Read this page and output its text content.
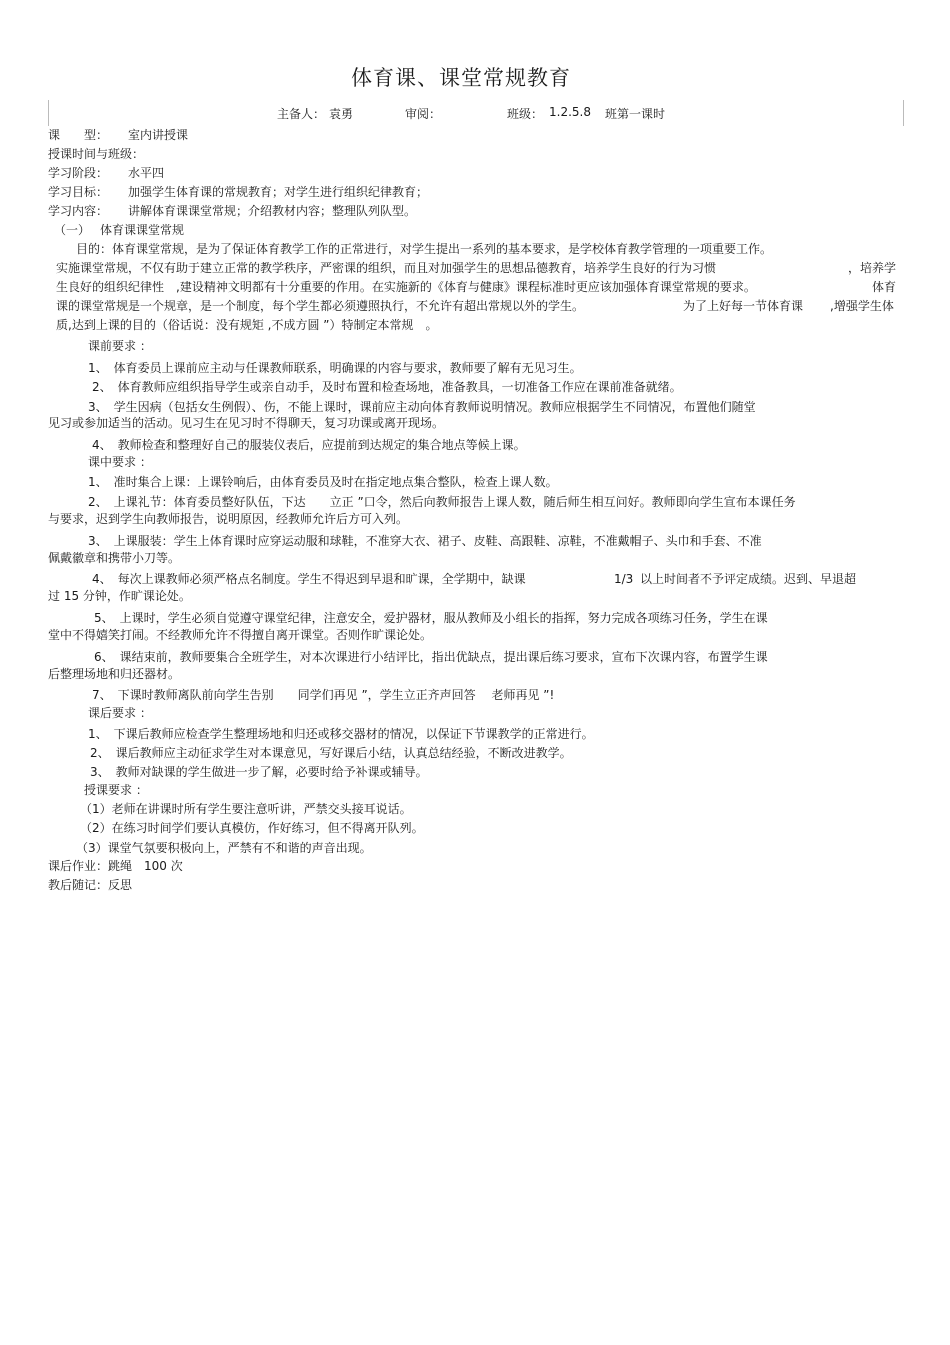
体育课、课堂常规教育
主备人： 袁勇	审阅：	班级： 1.2.5.8 班第一课时
课　　型： 室内讲授课
授课时间与班级：
学习阶段： 水平四
学习目标： 加强学生体育课的常规教育；对学生进行组织纪律教育；
学习内容： 讲解体育课课堂常规；介绍教材内容；整理队列队型。
（一） 体育课课堂常规
目的：体育课堂常规，是为了保证体育教学工作的正常进行，对学生提出一系列的基本要求，是学校体育教学管理的一项重要工作。
实施课堂常规，不仅有助于建立正常的教学秩序，严密课的组织，而且对加强学生的思想品德教育，培养学生良好的行为习惯	，培养学
生良好的组织纪律性　,建设精神文明都有十分重要的作用。在实施新的《体育与健康》课程标准时更应该加强体育课堂常规的要求。	体育
课的课堂常规是一个规章，是一个制度，每个学生都必须遵照执行，不允许有超出常规以外的学生。	为了上好每一节体育课 ,增强学生体
质,达到上课的目的（俗话说：没有规矩 ,不成方圆 ”）特制定本常规　。
课前要求 ：
1、　体育委员上课前应主动与任课教师联系，明确课的内容与要求，教师要了解有无见习生。
2、　体育教师应组织指导学生或亲自动手，及时布置和检查场地，准备教具，一切准备工作应在课前准备就绪。
3、　学生因病（包括女生例假）、伤，不能上课时，课前应主动向体育教师说明情况。教师应根据学生不同情况，布置他们随堂
见习或参加适当的活动。见习生在见习时不得聊天，复习功课或离开现场。
4、　教师检查和整理好自己的服装仪表后，应提前到达规定的集合地点等候上课。
课中要求 ：
1、　准时集合上课：上课铃响后，由体育委员及时在指定地点集合整队，检查上课人数。
2、　上课礼节：体育委员整好队伍，下达　　立正 ”口令，然后向教师报告上课人数，随后师生相互问好。教师即向学生宣布本课任务
与要求，迟到学生向教师报告，说明原因，经教师允许后方可入列。
3、　上课服装：学生上体育课时应穿运动服和球鞋，不准穿大衣、裙子、皮鞋、高跟鞋、凉鞋，不准戴帽子、头巾和手套、不准
佩戴徽章和携带小刀等。
4、　每次上课教师必须严格点名制度。学生不得迟到早退和旷课，全学期中，缺课	1/3 以上时间者不予评定成绩。迟到、早退超
过 15 分钟，作旷课论处。
5、　上课时，学生必须自觉遵守课堂纪律，注意安全，爱护器材，服从教师及小组长的指挥，努力完成各项练习任务，学生在课
堂中不得嬉笑打闹。不经教师允许不得擅自离开课堂。否则作旷课论处。
6、　课结束前，教师要集合全班学生，对本次课进行小结评比，指出优缺点，提出课后练习要求，宣布下次课内容，布置学生课
后整理场地和归还器材。
7、　下课时教师离队前向学生告别　　同学们再见 ”，学生立正齐声回答　 老师再见 ”!
课后要求 ：
1、　下课后教师应检查学生整理场地和归还或移交器材的情况，以保证下节课教学的正常进行。
2、　课后教师应主动征求学生对本课意见，写好课后小结，认真总结经验，不断改进教学。
3、　教师对缺课的学生做进一步了解，必要时给予补课或辅导。
授课要求 ：
（1）老师在讲课时所有学生要注意听讲，严禁交头接耳说话。
（2）在练习时间学们要认真模仿，作好练习，但不得离开队列。
（3）课堂气氛要积极向上，严禁有不和谐的声音出现。
课后作业：跳绳　100 次
教后随记：反思
